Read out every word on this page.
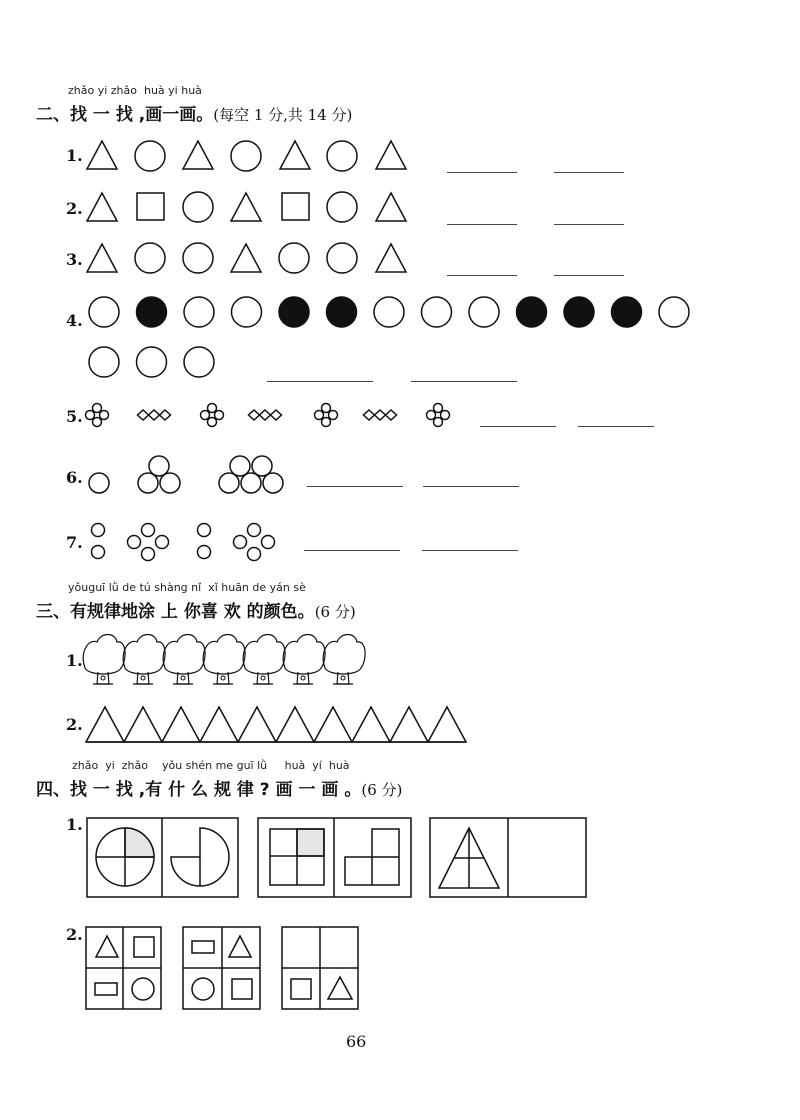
zhǎo yi zhǎo  huà yi huà
二、找 一 找 ,画一画。(每空 1 分,共 14 分)
1.
2.
3.
4.
5.
6.
7.
yǒuguī lǜ de tú shàng nǐ  xǐ huān de yán sè
三、有规律地涂 上 你喜 欢 的颜色。(6 分)
1.
2.
zhǎo  yi  zhǎo    yǒu shén me guī lǜ     huà  yí  huà
四、找 一 找 ,有 什 么 规 律 ? 画 一 画 。(6 分)
1.
2.
66
